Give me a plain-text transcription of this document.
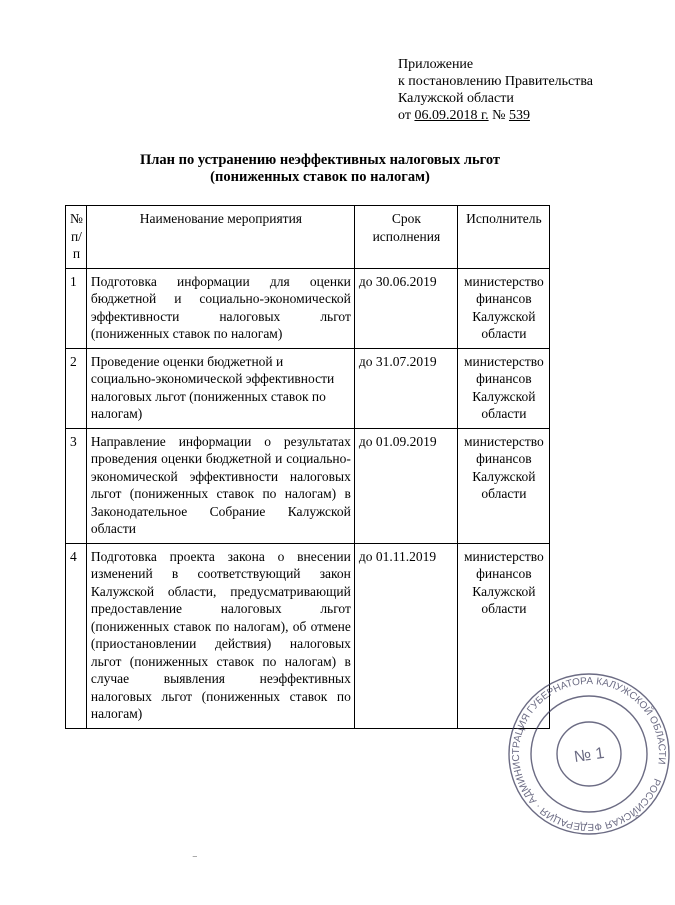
Приложение
к постановлению Правительства
Калужской области
от 06.09.2018 г. № 539
План по устранению неэффективных налоговых льгот
(пониженных ставок по налогам)
№ п/п	Наименование мероприятия	Срок исполнения	Исполнитель
1	Подготовка информации для оценки бюджетной и социально-экономической эффективности налоговых льгот (пониженных ставок по налогам)	до 30.06.2019	министерство финансов Калужской области
2	Проведение оценки бюджетной и социально-экономической эффективности налоговых льгот (пониженных ставок по налогам)	до 31.07.2019	министерство финансов Калужской области
3	Направление информации о результатах проведения оценки бюджетной и социально-экономической эффективности налоговых льгот (пониженных ставок по налогам) в Законодательное Собрание Калужской области	до 01.09.2019	министерство финансов Калужской области
4	Подготовка проекта закона о внесении изменений в соответствующий закон Калужской области, предусматривающий предоставление налоговых льгот (пониженных ставок по налогам), об отмене (приостановлении действия) налоговых льгот (пониженных ставок по налогам) в случае выявления неэффективных налоговых льгот (пониженных ставок по налогам)	до 01.11.2019	министерство финансов Калужской области
РОССИЙСКАЯ ФЕДЕРАЦИЯ · АДМИНИСТРАЦИЯ ГУБЕРНАТОРА КАЛУЖСКОЙ ОБЛАСТИ
№ 1
‾
